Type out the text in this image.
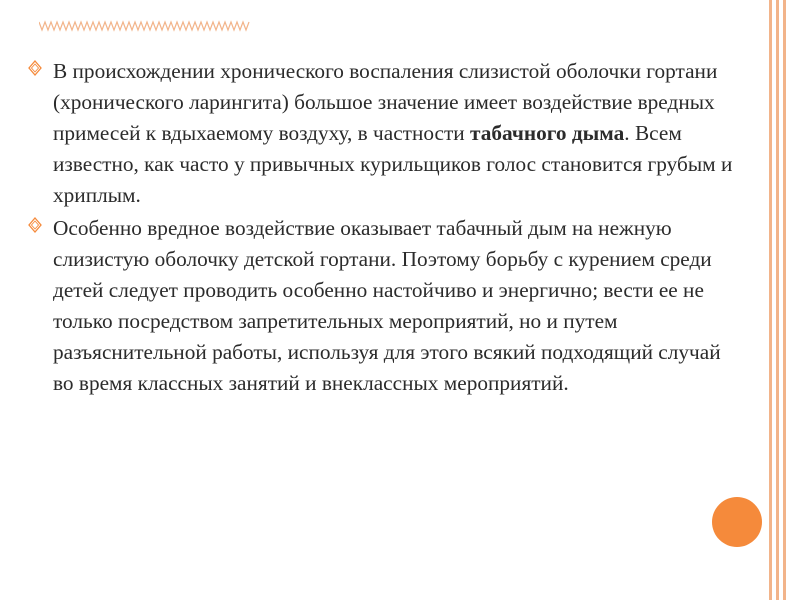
В происхождении хронического воспаления слизистой оболочки гортани (хронического ларингита) большое значение имеет воздействие вредных примесей к вдыхаемому воздуху, в частности табачного дыма. Всем известно, как часто у привычных курильщиков голос становится грубым и хриплым.
Особенно вредное воздействие оказывает табачный дым на нежную слизистую оболочку детской гортани. Поэтому борьбу с курением среди детей следует проводить особенно настойчиво и энергично; вести ее не только посредством запретительных мероприятий, но и путем разъяснительной работы, используя для этого всякий подходящий случай во время классных занятий и внеклассных мероприятий.
